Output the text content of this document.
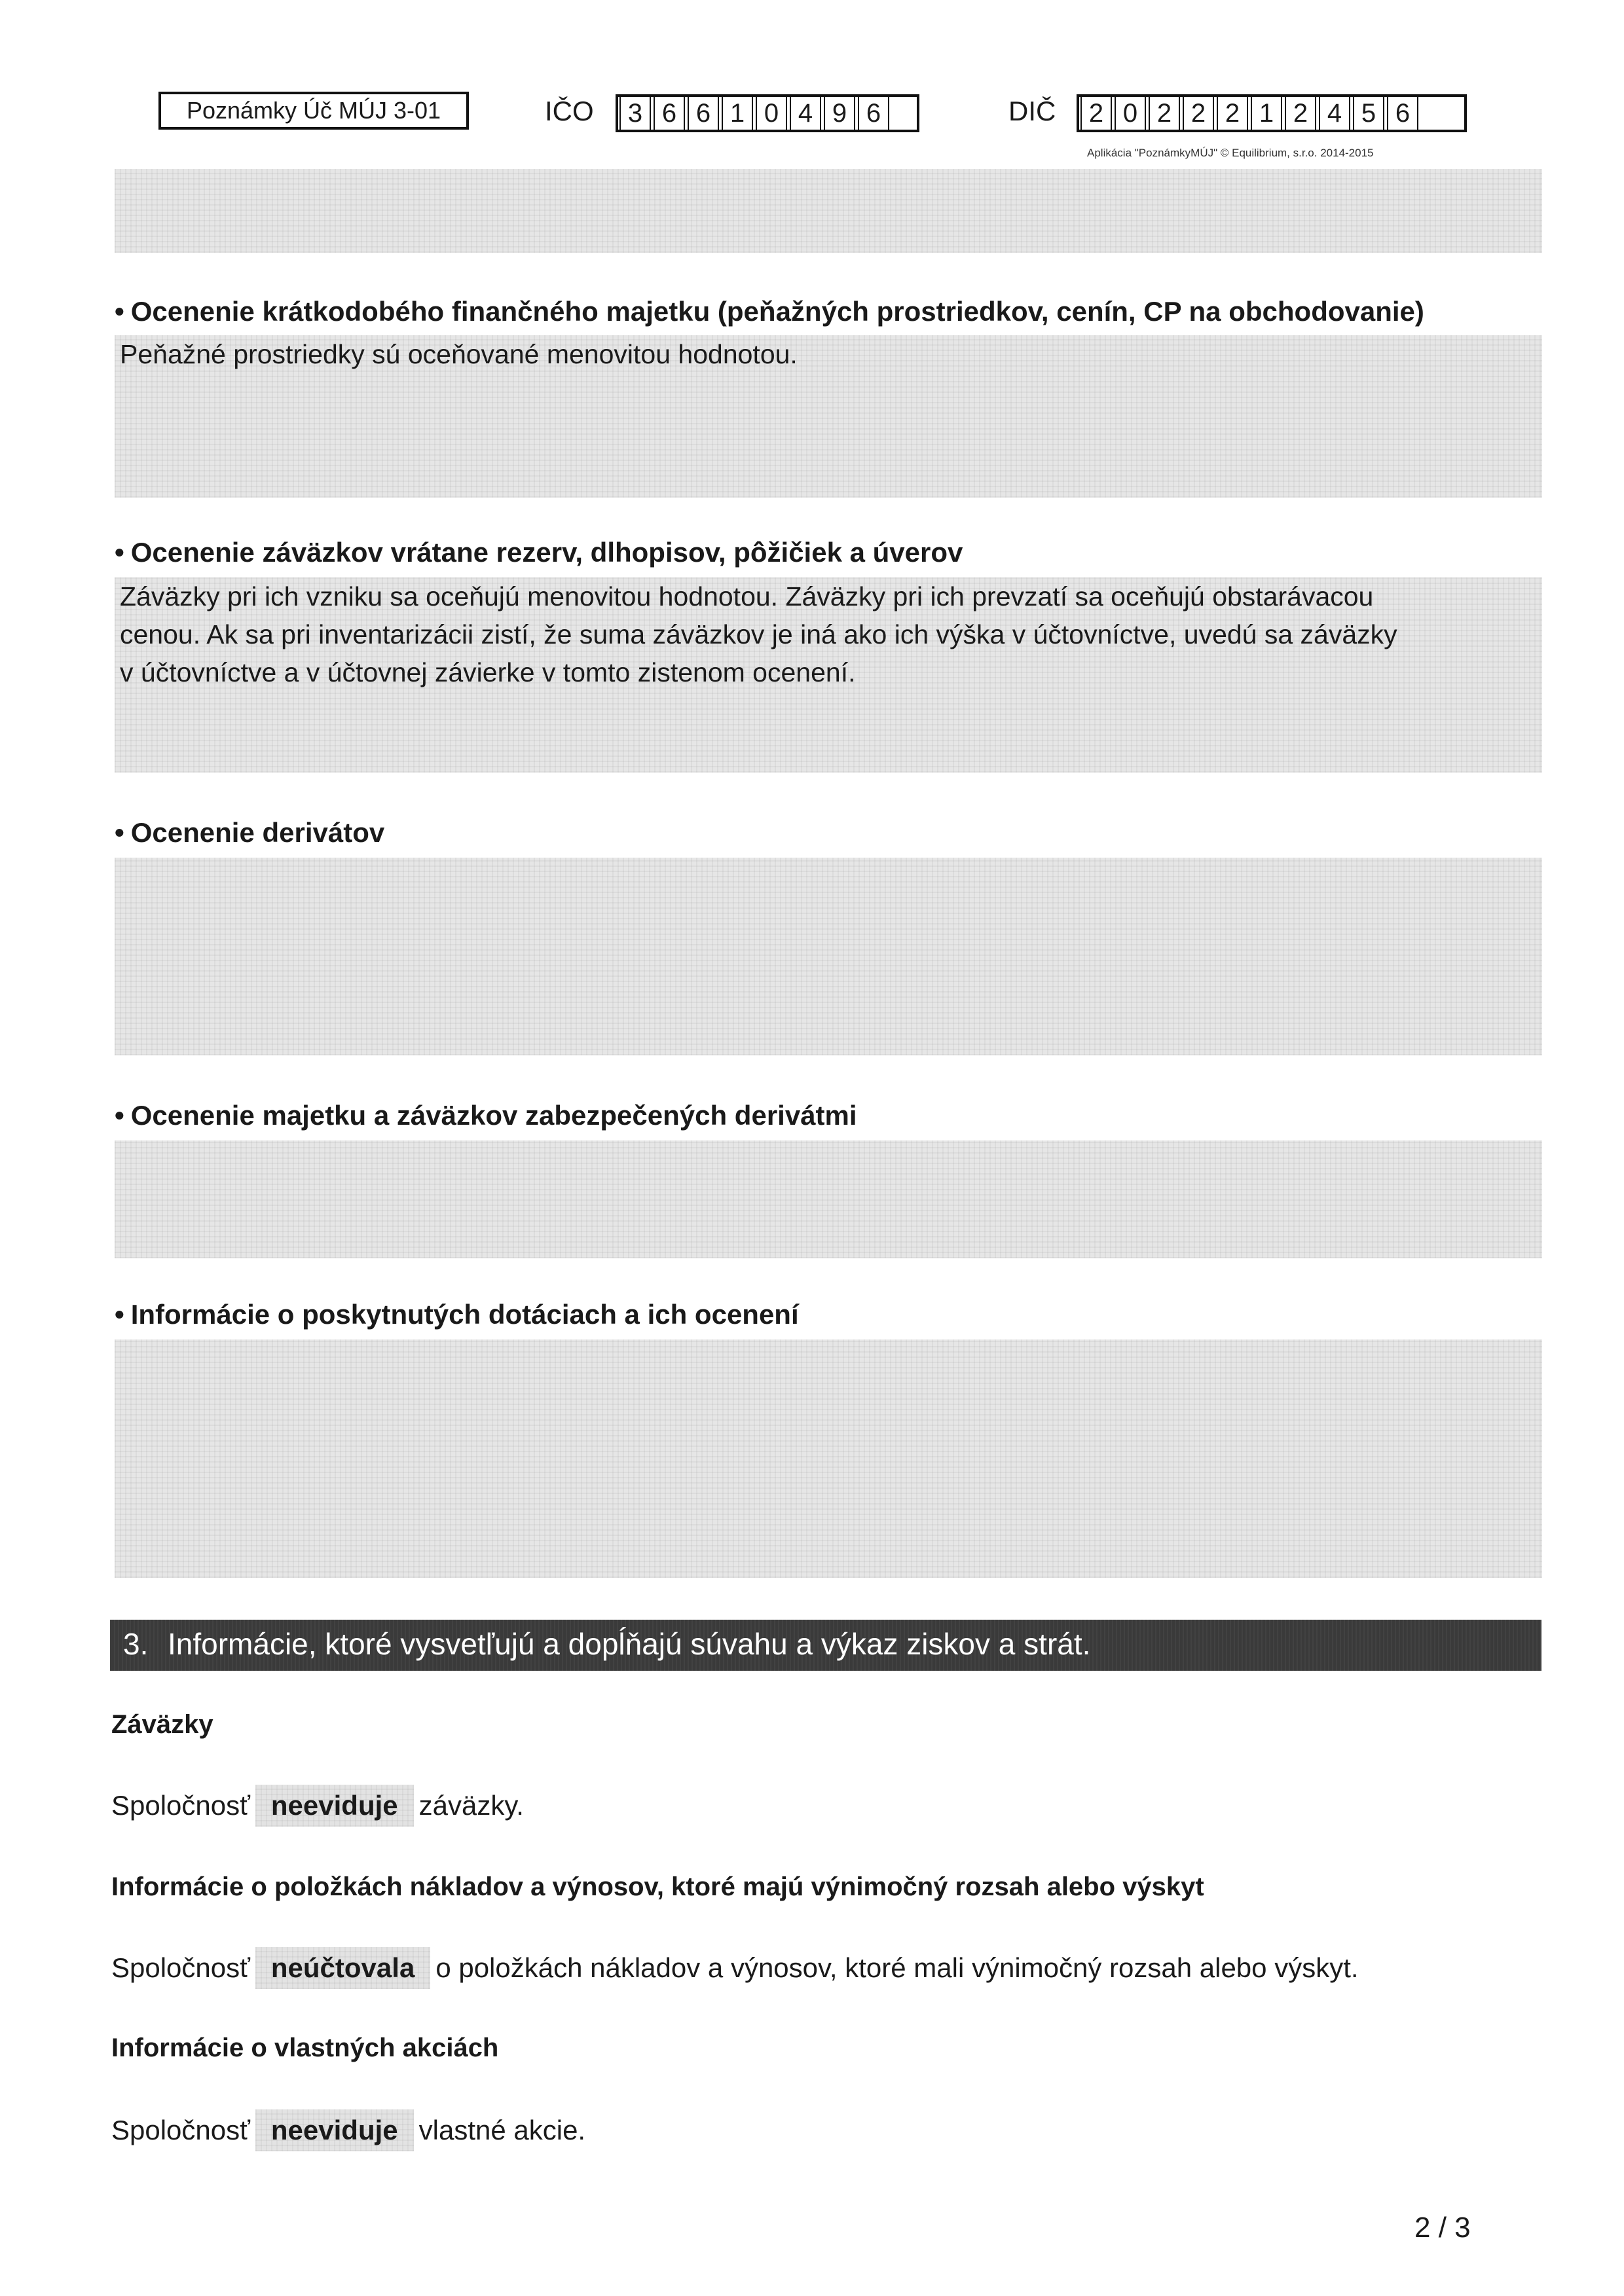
Poznámky Úč MÚJ 3-01	IČO	3 6 6 1 0 4 9 6	DIČ	2 0 2 2 2 1 2 4 5 6
Aplikácia "PoznámkyMÚJ" © Equilibrium, s.r.o. 2014-2015
• Ocenenie krátkodobého finančného majetku (peňažných prostriedkov, cenín, CP na obchodovanie)
Peňažné prostriedky sú oceňované menovitou hodnotou.
• Ocenenie záväzkov vrátane rezerv, dlhopisov, pôžičiek a úverov
Záväzky pri ich vzniku sa oceňujú menovitou hodnotou. Záväzky pri ich prevzatí sa oceňujú obstarávacou
cenou. Ak sa pri inventarizácii zistí, že suma záväzkov je iná ako ich výška v účtovníctve, uvedú sa záväzky
v účtovníctve a v účtovnej závierke v tomto zistenom ocenení.
• Ocenenie derivátov
• Ocenenie majetku a záväzkov zabezpečených derivátmi
• Informácie o poskytnutých dotáciach a ich ocenení
3. Informácie, ktoré vysvetľujú a dopĺňajú súvahu a výkaz ziskov a strát.
Záväzky
Spoločnosť neeviduje záväzky.
Informácie o položkách nákladov a výnosov, ktoré majú výnimočný rozsah alebo výskyt
Spoločnosť neúčtovala o položkách nákladov a výnosov, ktoré mali výnimočný rozsah alebo výskyt.
Informácie o vlastných akciách
Spoločnosť neeviduje vlastné akcie.
2 / 3
